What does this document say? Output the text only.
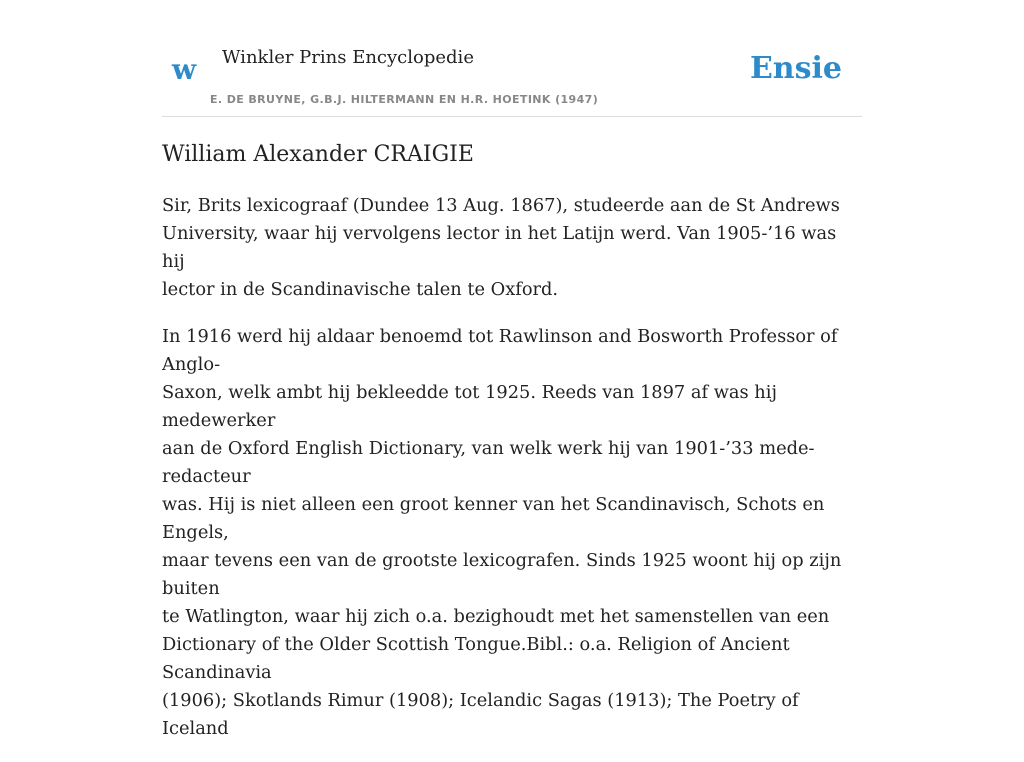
w Winkler Prins Encyclopedie
E. DE BRUYNE, G.B.J. HILTERMANN EN H.R. HOETINK (1947)
Ensie
William Alexander CRAIGIE

Sir, Brits lexicograaf (Dundee 13 Aug. 1867), studeerde aan de St Andrews
University, waar hij vervolgens lector in het Latijn werd. Van 1905-’16 was hij
lector in de Scandinavische talen te Oxford.

In 1916 werd hij aldaar benoemd tot Rawlinson and Bosworth Professor of Anglo-
Saxon, welk ambt hij bekleedde tot 1925. Reeds van 1897 af was hij medewerker
aan de Oxford English Dictionary, van welk werk hij van 1901-’33 mede-redacteur
was. Hij is niet alleen een groot kenner van het Scandinavisch, Schots en Engels,
maar tevens een van de grootste lexicografen. Sinds 1925 woont hij op zijn buiten
te Watlington, waar hij zich o.a. bezighoudt met het samenstellen van een
Dictionary of the Older Scottish Tongue.Bibl.: o.a. Religion of Ancient Scandinavia
(1906); Skotlands Rimur (1908); Icelandic Sagas (1913); The Poetry of Iceland
